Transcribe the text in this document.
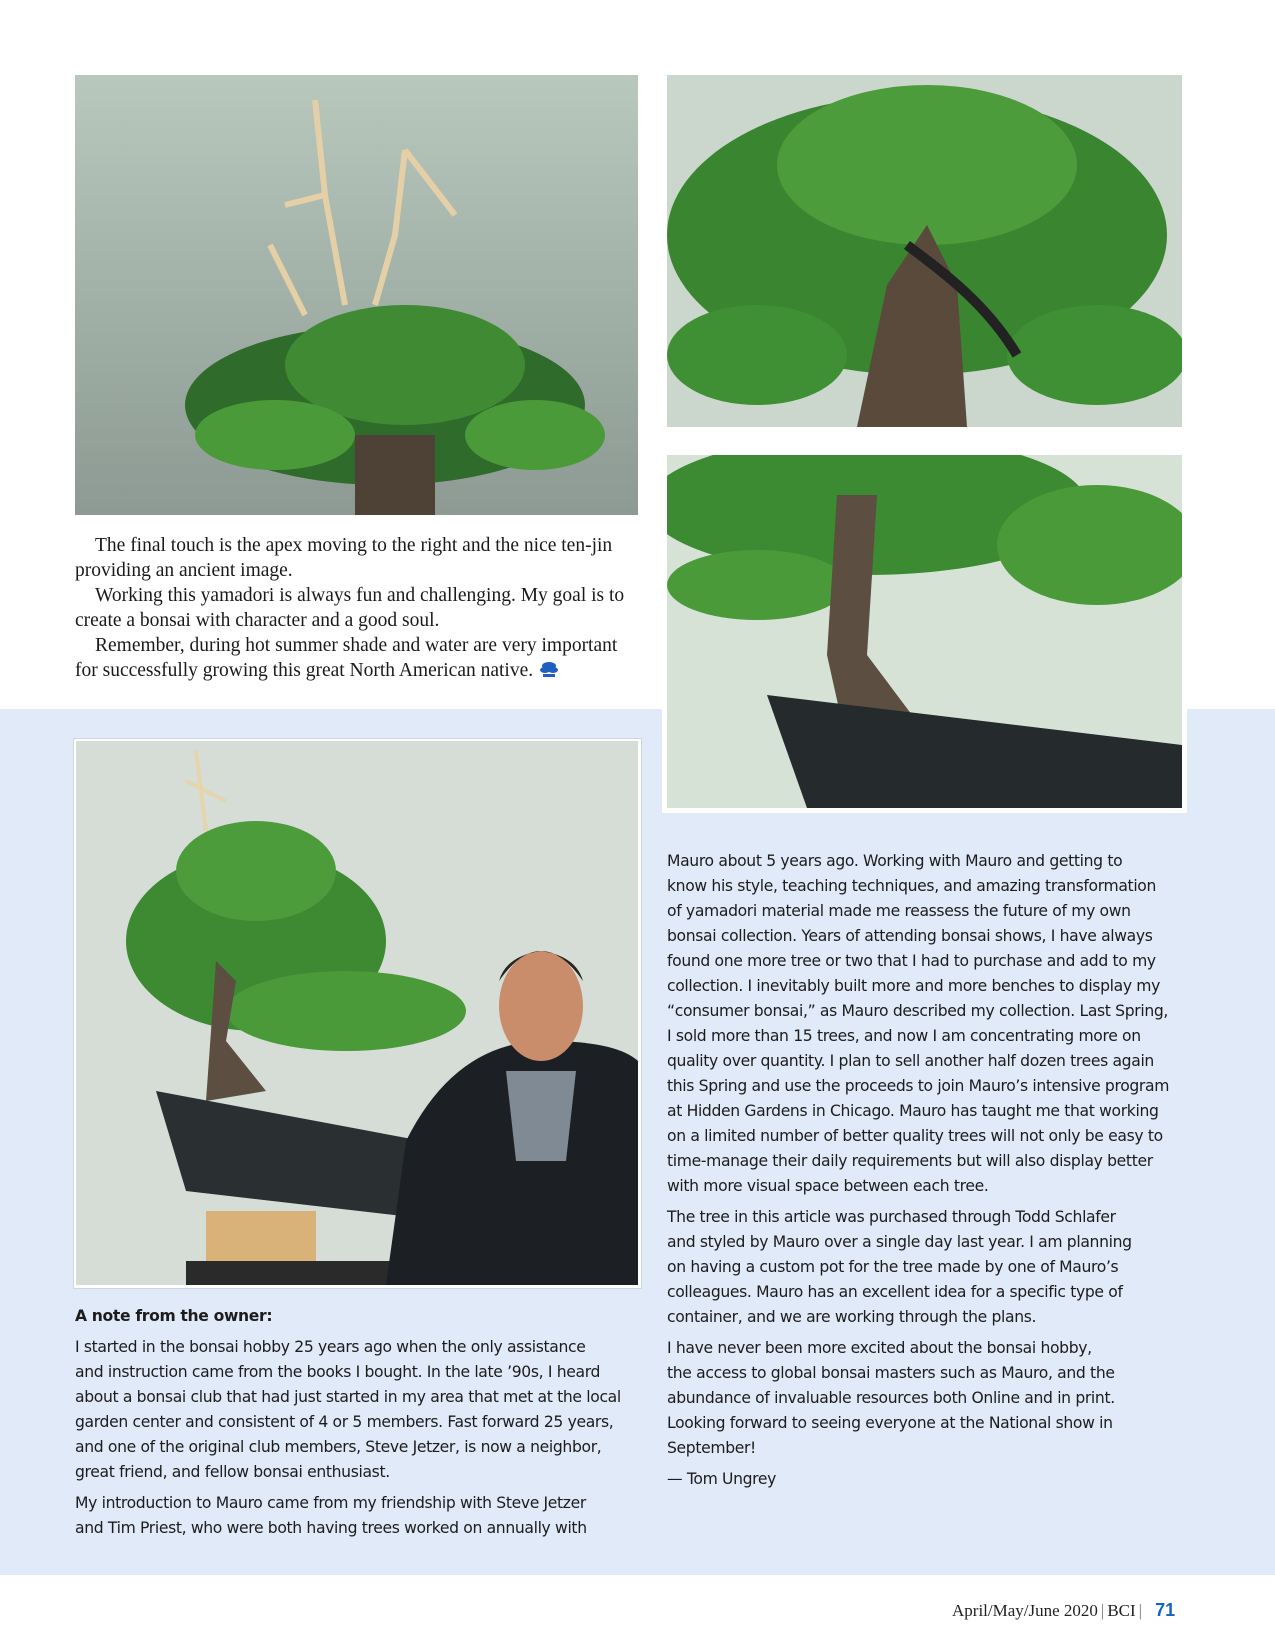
The final touch is the apex moving to the right and the nice ten-jin
providing an ancient image.
Working this yamadori is always fun and challenging. My goal is to
create a bonsai with character and a good soul.
Remember, during hot summer shade and water are very important
for successfully growing this great North American native.
A note from the owner:
I started in the bonsai hobby 25 years ago when the only assistance
and instruction came from the books I bought. In the late ’90s, I heard
about a bonsai club that had just started in my area that met at the local
garden center and consistent of 4 or 5 members. Fast forward 25 years,
and one of the original club members, Steve Jetzer, is now a neighbor,
great friend, and fellow bonsai enthusiast.
My introduction to Mauro came from my friendship with Steve Jetzer
and Tim Priest, who were both having trees worked on annually with
Mauro about 5 years ago. Working with Mauro and getting to
know his style, teaching techniques, and amazing transformation
of yamadori material made me reassess the future of my own
bonsai collection. Years of attending bonsai shows, I have always
found one more tree or two that I had to purchase and add to my
collection. I inevitably built more and more benches to display my
“consumer bonsai,” as Mauro described my collection. Last Spring,
I sold more than 15 trees, and now I am concentrating more on
quality over quantity. I plan to sell another half dozen trees again
this Spring and use the proceeds to join Mauro’s intensive program
at Hidden Gardens in Chicago. Mauro has taught me that working
on a limited number of better quality trees will not only be easy to
time-manage their daily requirements but will also display better
with more visual space between each tree.
The tree in this article was purchased through Todd Schlafer
and styled by Mauro over a single day last year. I am planning
on having a custom pot for the tree made by one of Mauro’s
colleagues. Mauro has an excellent idea for a specific type of
container, and we are working through the plans.
I have never been more excited about the bonsai hobby,
the access to global bonsai masters such as Mauro, and the
abundance of invaluable resources both Online and in print.
Looking forward to seeing everyone at the National show in
September!
— Tom Ungrey
April/May/June 2020 | BCI | 71
